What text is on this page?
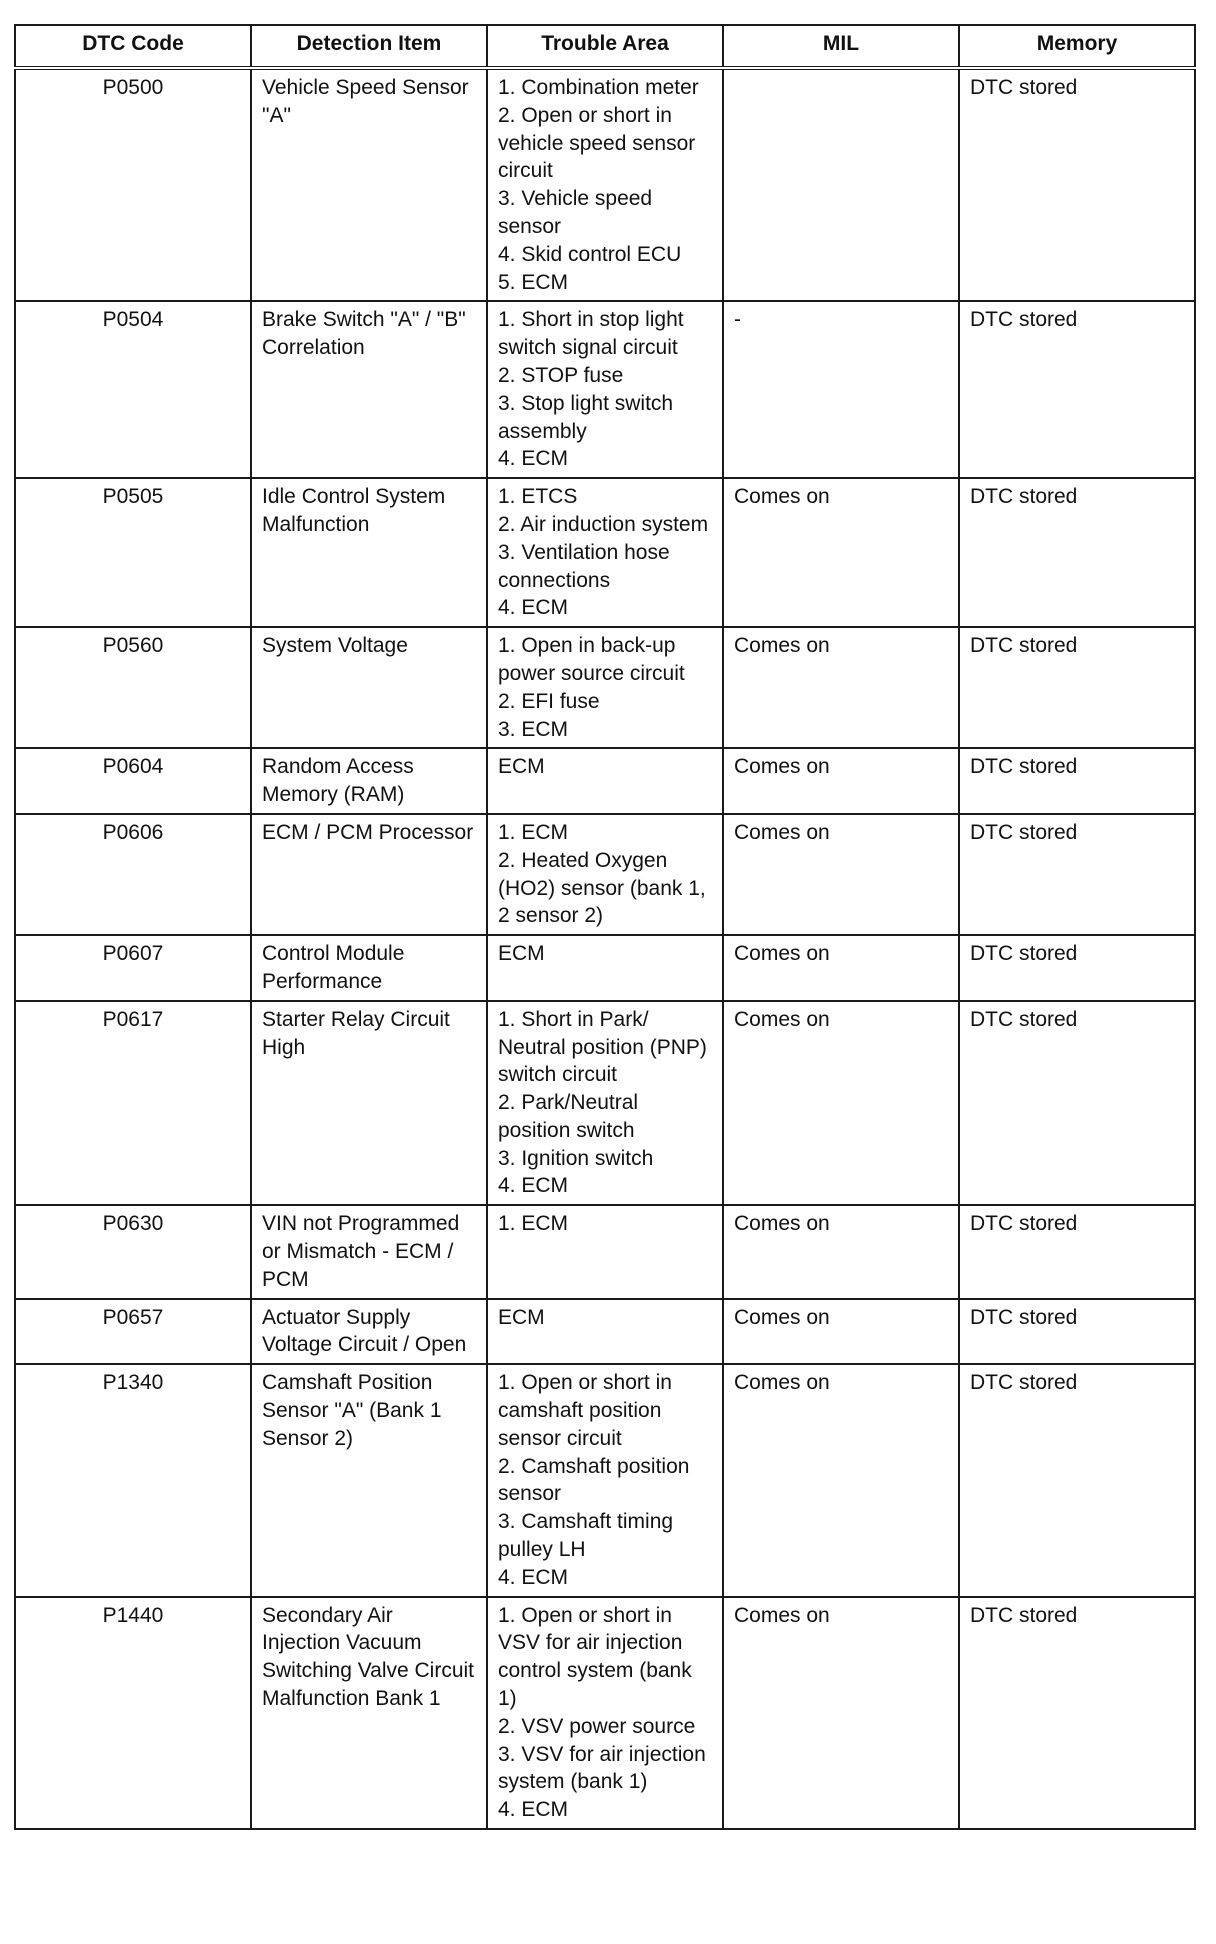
DTC Code	Detection Item	Trouble Area	MIL	Memory
P0500	Vehicle Speed Sensor "A"	1. Combination meter
2. Open or short in vehicle speed sensor circuit
3. Vehicle speed sensor
4. Skid control ECU
5. ECM		DTC stored
P0504	Brake Switch "A" / "B" Correlation	1. Short in stop light switch signal circuit
2. STOP fuse
3. Stop light switch assembly
4. ECM	-	DTC stored
P0505	Idle Control System Malfunction	1. ETCS
2. Air induction system
3. Ventilation hose connections
4. ECM	Comes on	DTC stored
P0560	System Voltage	1. Open in back-up power source circuit
2. EFI fuse
3. ECM	Comes on	DTC stored
P0604	Random Access Memory (RAM)	ECM	Comes on	DTC stored
P0606	ECM / PCM Processor	1. ECM
2. Heated Oxygen (HO2) sensor (bank 1, 2 sensor 2)	Comes on	DTC stored
P0607	Control Module Performance	ECM	Comes on	DTC stored
P0617	Starter Relay Circuit High	1. Short in Park/ Neutral position (PNP) switch circuit
2. Park/Neutral position switch
3. Ignition switch
4. ECM	Comes on	DTC stored
P0630	VIN not Programmed or Mismatch - ECM / PCM	1. ECM	Comes on	DTC stored
P0657	Actuator Supply Voltage Circuit / Open	ECM	Comes on	DTC stored
P1340	Camshaft Position Sensor "A" (Bank 1 Sensor 2)	1. Open or short in camshaft position sensor circuit
2. Camshaft position sensor
3. Camshaft timing pulley LH
4. ECM	Comes on	DTC stored
P1440	Secondary Air Injection Vacuum Switching Valve Circuit Malfunction Bank 1	1. Open or short in VSV for air injection control system (bank 1)
2. VSV power source
3. VSV for air injection system (bank 1)
4. ECM	Comes on	DTC stored
